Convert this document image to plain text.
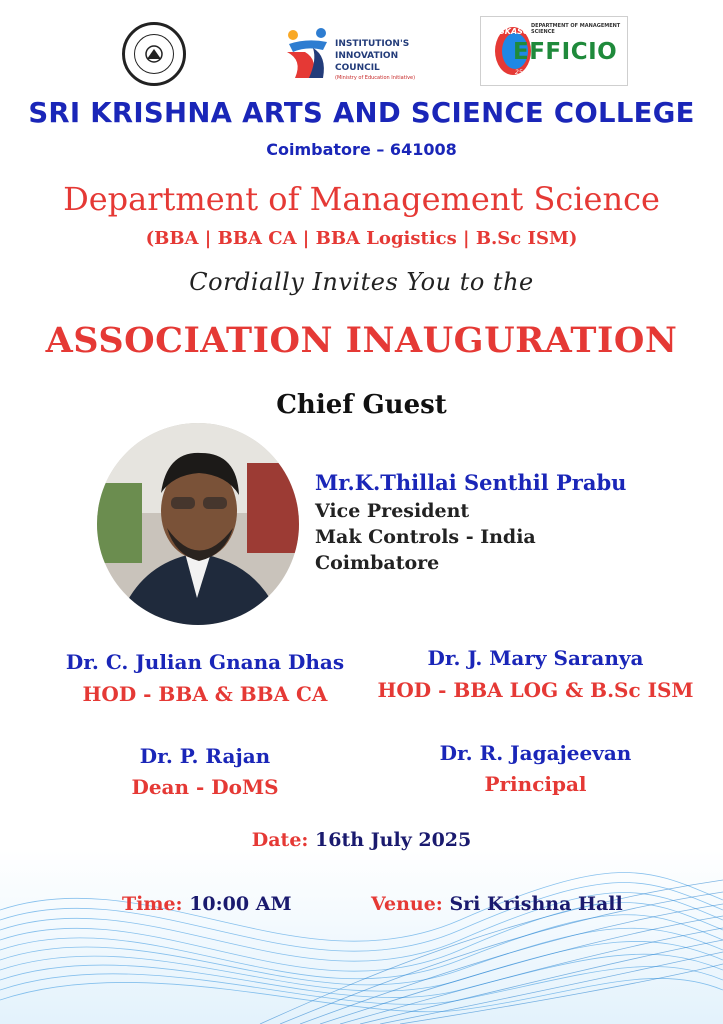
INSTITUTION'S
INNOVATION
COUNCIL
(Ministry of Education Initiative)
SKASC
DEPARTMENT OF MANAGEMENT SCIENCE
EFFICIO
25 YEARS
SRI KRISHNA ARTS AND SCIENCE COLLEGE
Coimbatore – 641008
Department of Management Science
(BBA | BBA CA | BBA Logistics | B.Sc ISM)
Cordially Invites You to the
ASSOCIATION INAUGURATION
Chief Guest
Mr.K.Thillai Senthil Prabu
Vice President
Mak Controls - India
Coimbatore
Dr. C. Julian Gnana Dhas
HOD - BBA & BBA CA
Dr. J. Mary Saranya
HOD - BBA LOG & B.Sc ISM
Dr. P. Rajan
Dean - DoMS
Dr. R. Jagajeevan
Principal
Date: 16th July 2025
Time: 10:00 AM	Venue: Sri Krishna Hall
